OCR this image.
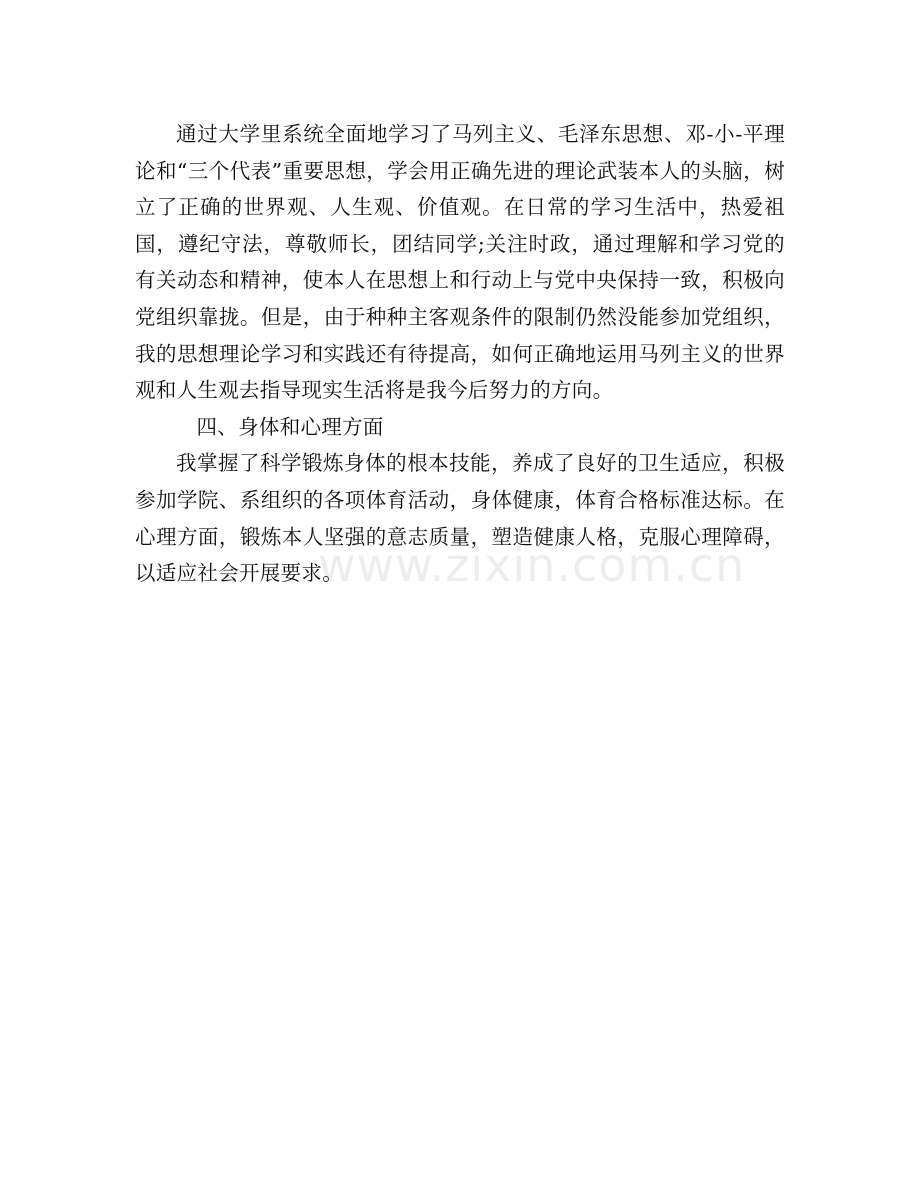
通过大学里系统全面地学习了马列主义、毛泽东思想、邓-小-平理论和“三个代表”重要思想，学会用正确先进的理论武装本人的头脑，树立了正确的世界观、人生观、价值观。在日常的学习生活中，热爱祖国，遵纪守法，尊敬师长，团结同学;关注时政，通过理解和学习党的有关动态和精神，使本人在思想上和行动上与党中央保持一致，积极向党组织靠拢。但是，由于种种主客观条件的限制仍然没能参加党组织，我的思想理论学习和实践还有待提高，如何正确地运用马列主义的世界观和人生观去指导现实生活将是我今后努力的方向。

四、身体和心理方面

我掌握了科学锻炼身体的根本技能，养成了良好的卫生适应，积极参加学院、系组织的各项体育活动，身体健康，体育合格标准达标。在心理方面，锻炼本人坚强的意志质量，塑造健康人格，克服心理障碍，以适应社会开展要求。

www.zixin.com.cn
